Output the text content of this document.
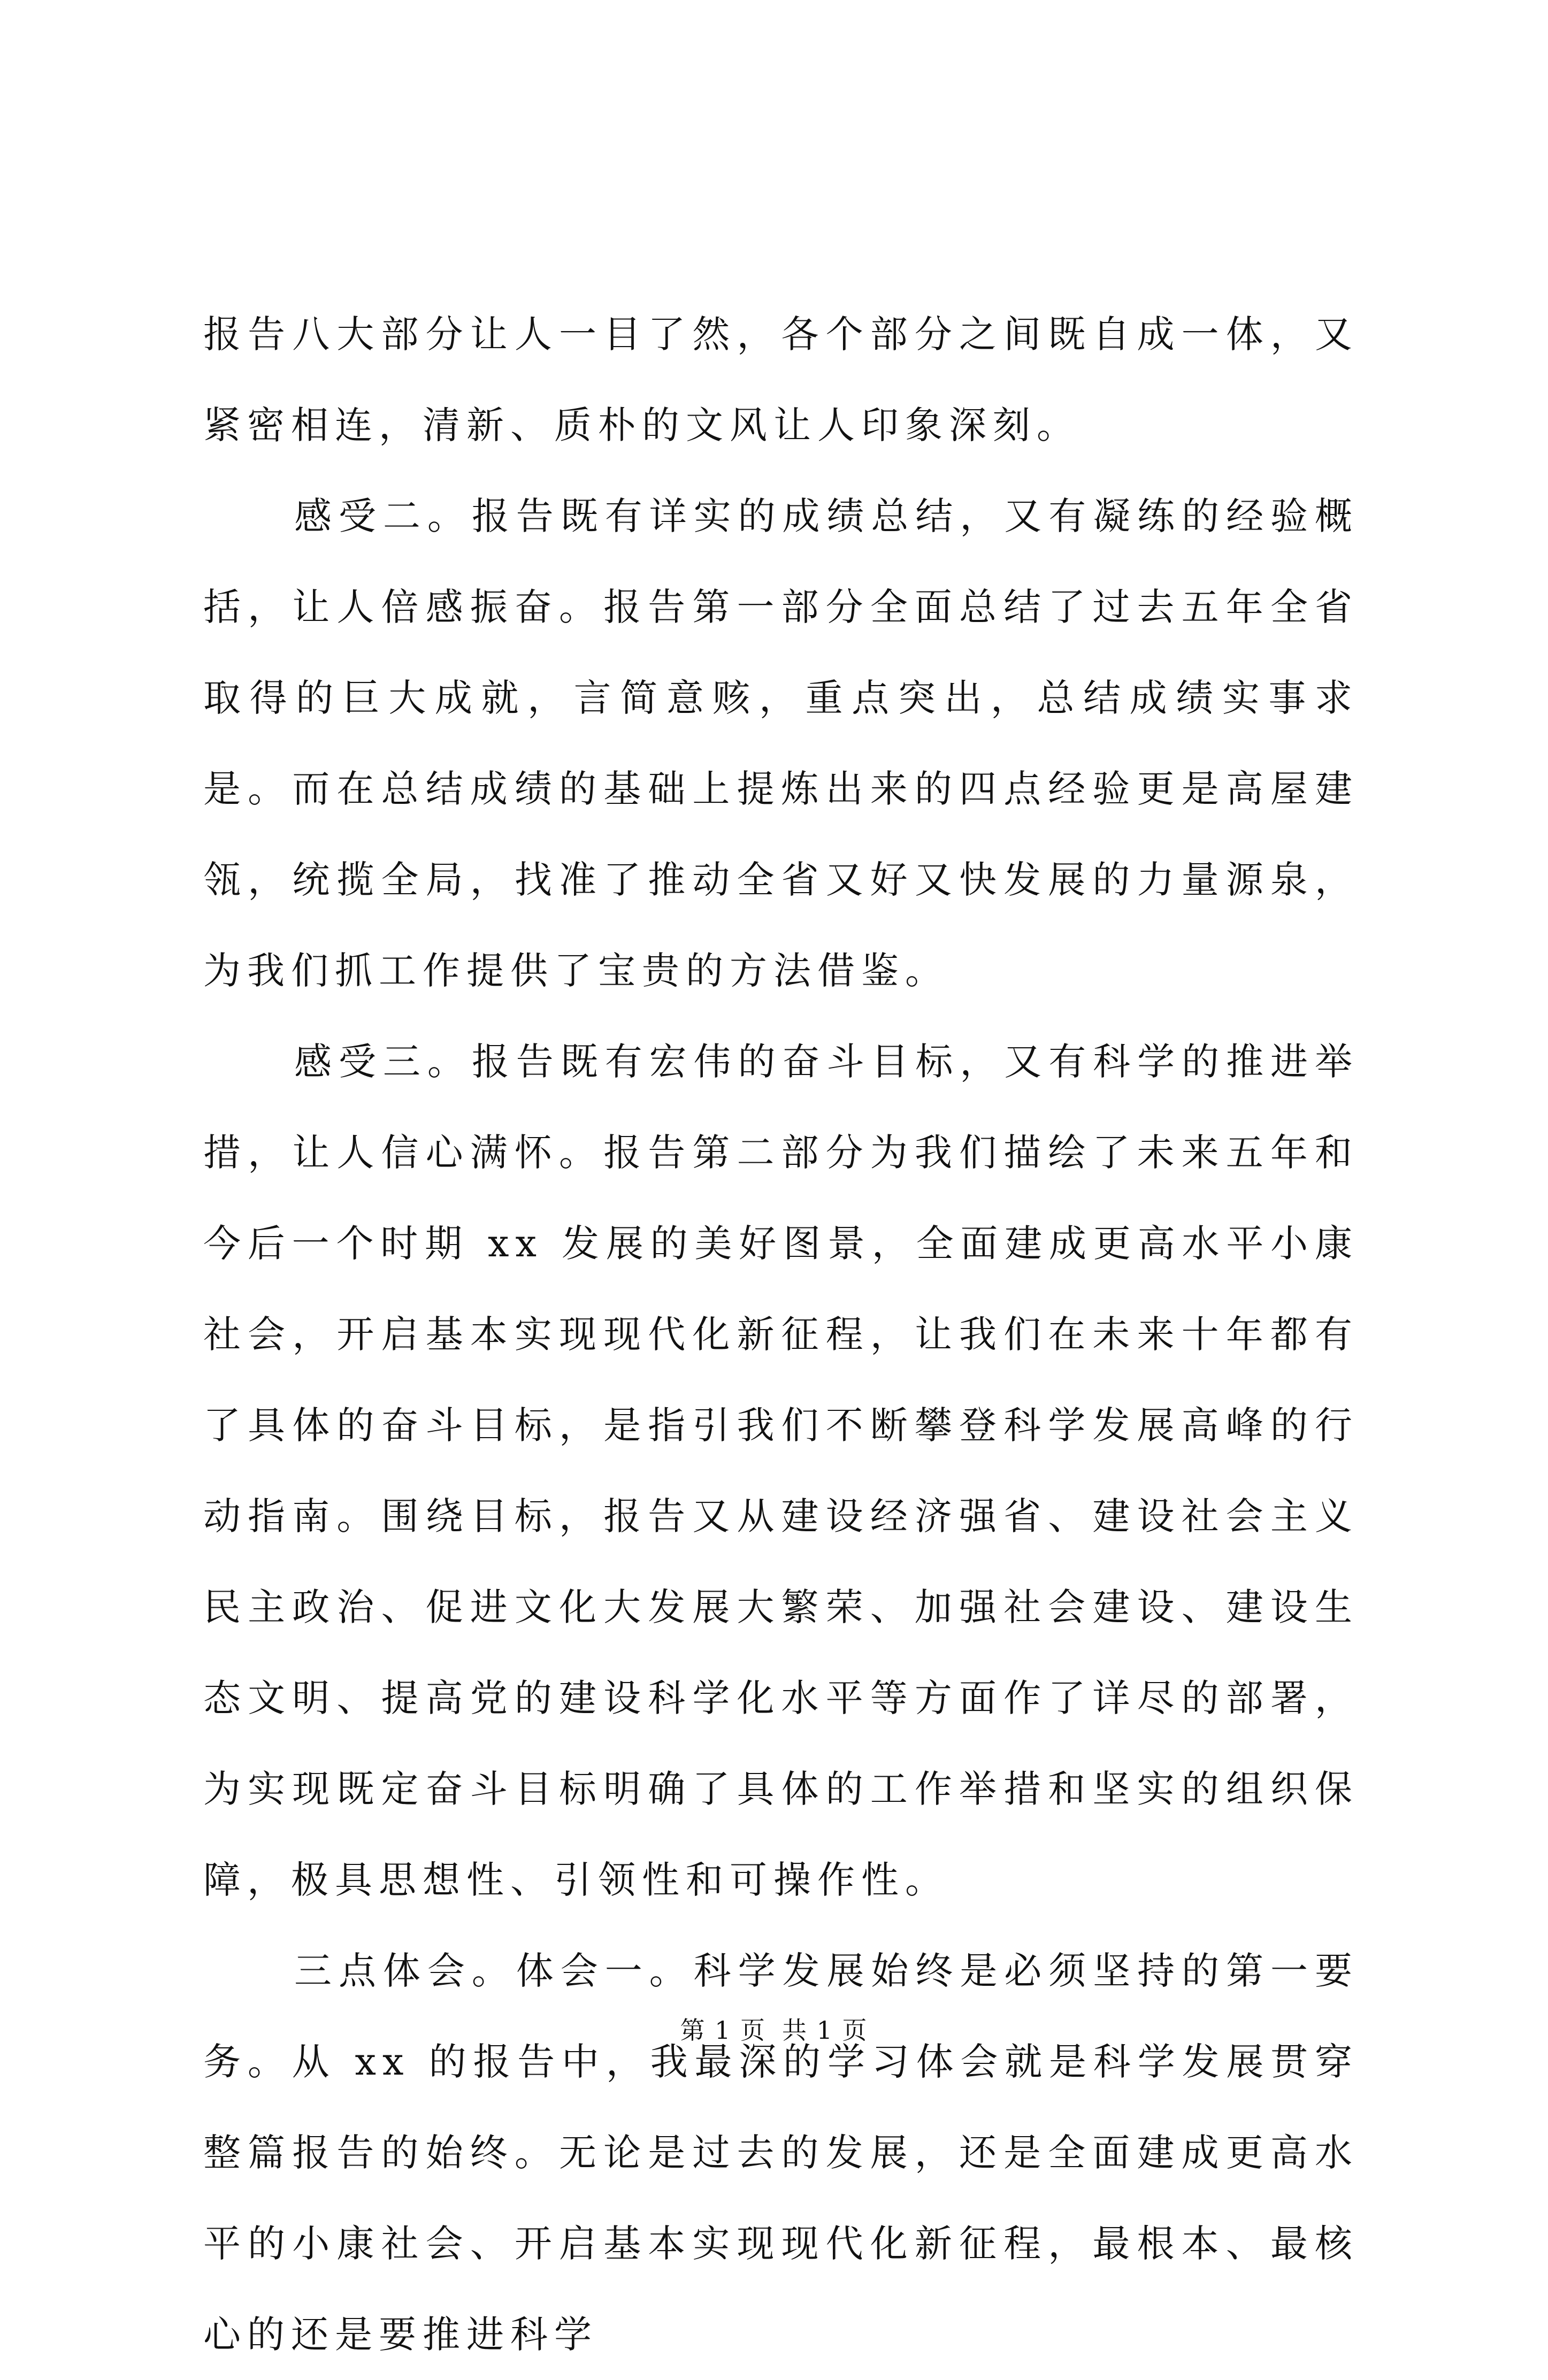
报告八大部分让人一目了然，各个部分之间既自成一体，又紧密相连，清新、质朴的文风让人印象深刻。

感受二。报告既有详实的成绩总结，又有凝练的经验概括，让人倍感振奋。报告第一部分全面总结了过去五年全省取得的巨大成就，言简意赅，重点突出，总结成绩实事求是。而在总结成绩的基础上提炼出来的四点经验更是高屋建瓴，统揽全局，找准了推动全省又好又快发展的力量源泉，为我们抓工作提供了宝贵的方法借鉴。

感受三。报告既有宏伟的奋斗目标，又有科学的推进举措，让人信心满怀。报告第二部分为我们描绘了未来五年和今后一个时期 xx 发展的美好图景，全面建成更高水平小康社会，开启基本实现现代化新征程，让我们在未来十年都有了具体的奋斗目标，是指引我们不断攀登科学发展高峰的行动指南。围绕目标，报告又从建设经济强省、建设社会主义民主政治、促进文化大发展大繁荣、加强社会建设、建设生态文明、提高党的建设科学化水平等方面作了详尽的部署，为实现既定奋斗目标明确了具体的工作举措和坚实的组织保障，极具思想性、引领性和可操作性。

三点体会。体会一。科学发展始终是必须坚持的第一要务。从 xx 的报告中，我最深的学习体会就是科学发展贯穿整篇报告的始终。无论是过去的发展，还是全面建成更高水平的小康社会、开启基本实现现代化新征程，最根本、最核心的还是要推进科学

第 1 页 共 1 页
